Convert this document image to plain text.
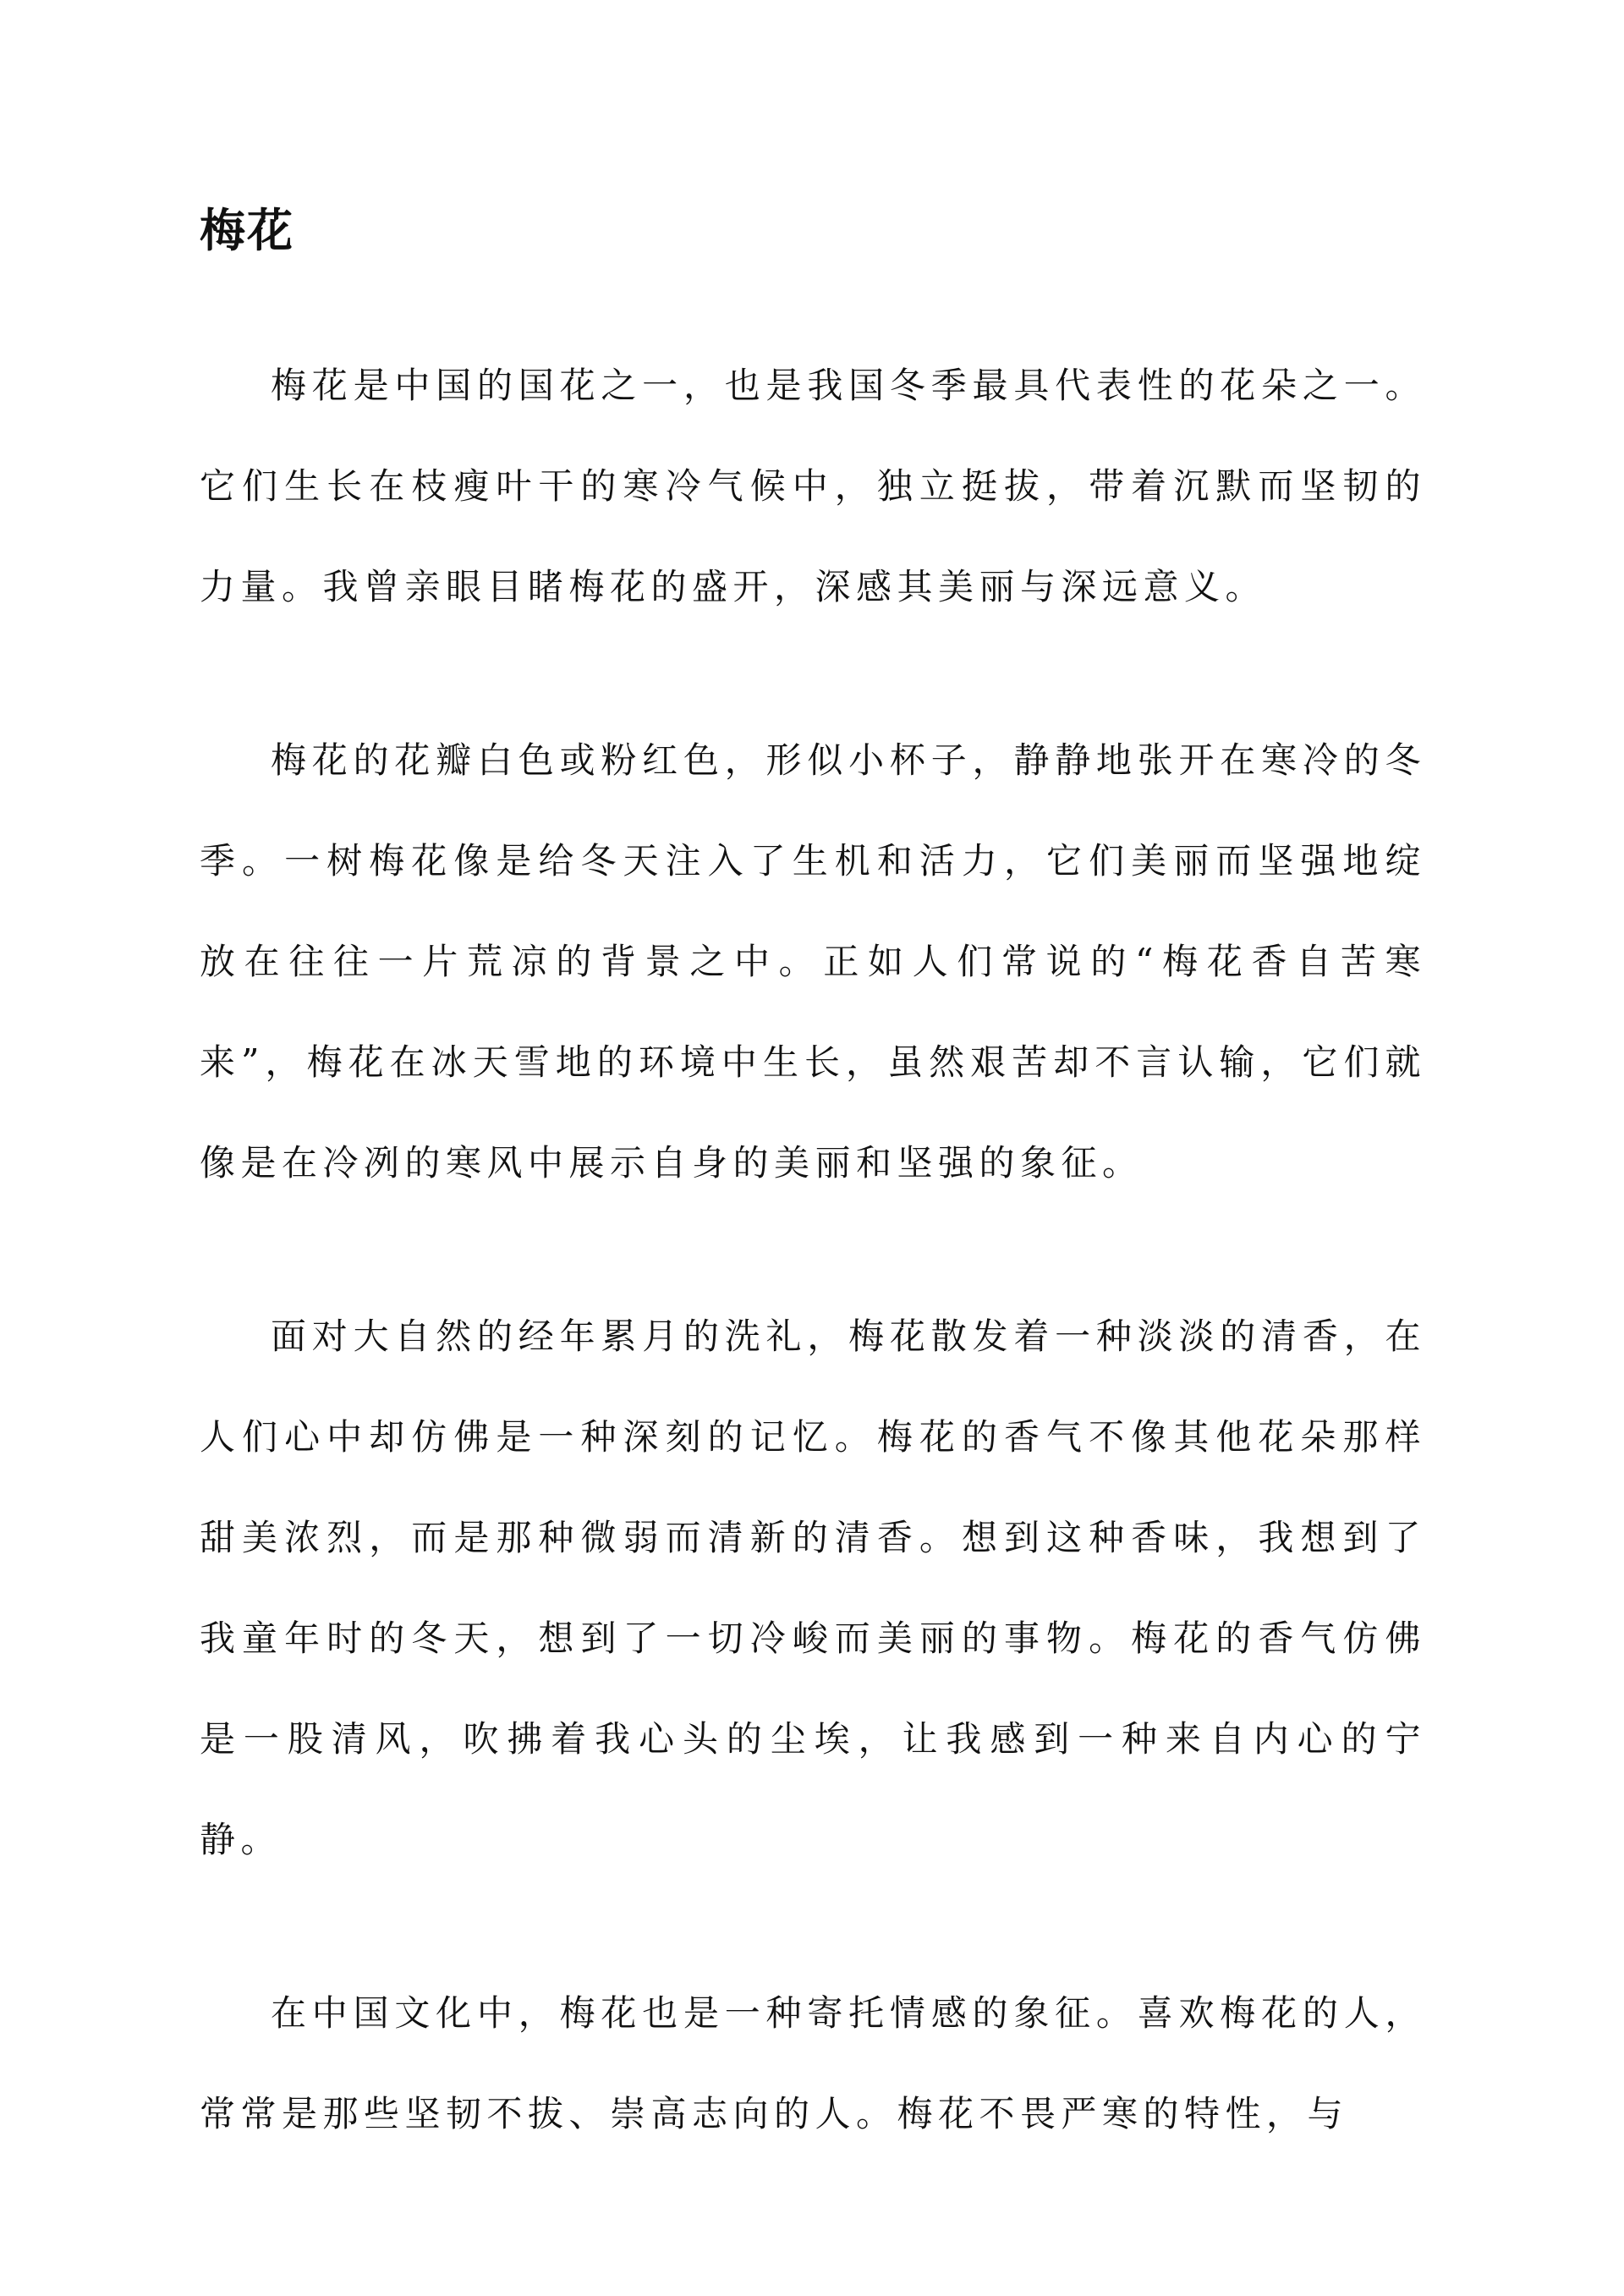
梅花

梅花是中国的国花之一，也是我国冬季最具代表性的花朵之一。它们生长在枝瘦叶干的寒冷气候中，独立挺拔，带着沉默而坚韧的力量。我曾亲眼目睹梅花的盛开，深感其美丽与深远意义。

梅花的花瓣白色或粉红色，形似小杯子，静静地张开在寒冷的冬季。一树梅花像是给冬天注入了生机和活力，它们美丽而坚强地绽放在往往一片荒凉的背景之中。正如人们常说的“梅花香自苦寒来”，梅花在冰天雪地的环境中生长，虽然艰苦却不言认输，它们就像是在冷冽的寒风中展示自身的美丽和坚强的象征。

面对大自然的经年累月的洗礼，梅花散发着一种淡淡的清香，在人们心中却仿佛是一种深刻的记忆。梅花的香气不像其他花朵那样甜美浓烈，而是那种微弱而清新的清香。想到这种香味，我想到了我童年时的冬天，想到了一切冷峻而美丽的事物。梅花的香气仿佛是一股清风，吹拂着我心头的尘埃，让我感到一种来自内心的宁静。

在中国文化中，梅花也是一种寄托情感的象征。喜欢梅花的人，常常是那些坚韧不拔、崇高志向的人。梅花不畏严寒的特性，与
